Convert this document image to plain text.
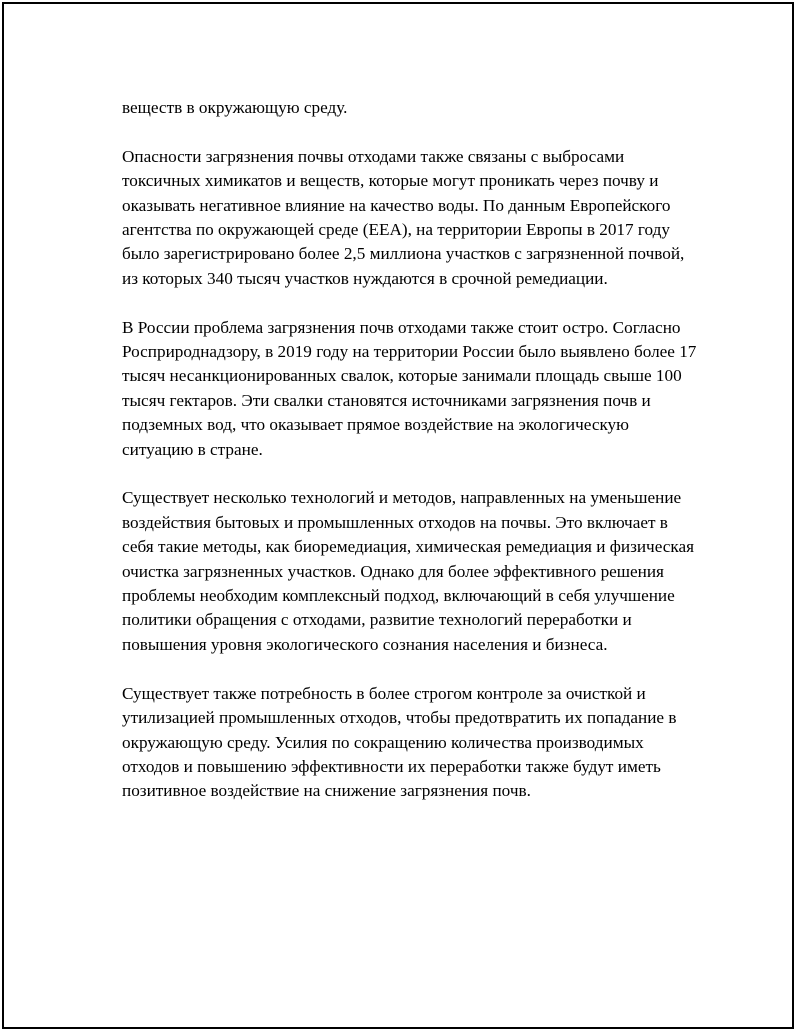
веществ в окружающую среду.

Опасности загрязнения почвы отходами также связаны с выбросами токсичных химикатов и веществ, которые могут проникать через почву и оказывать негативное влияние на качество воды. По данным Европейского агентства по окружающей среде (EEA), на территории Европы в 2017 году было зарегистрировано более 2,5 миллиона участков с загрязненной почвой, из которых 340 тысяч участков нуждаются в срочной ремедиации.

В России проблема загрязнения почв отходами также стоит остро. Согласно Росприроднадзору, в 2019 году на территории России было выявлено более 17 тысяч несанкционированных свалок, которые занимали площадь свыше 100 тысяч гектаров. Эти свалки становятся источниками загрязнения почв и подземных вод, что оказывает прямое воздействие на экологическую ситуацию в стране.

Существует несколько технологий и методов, направленных на уменьшение воздействия бытовых и промышленных отходов на почвы. Это включает в себя такие методы, как биоремедиация, химическая ремедиация и физическая очистка загрязненных участков. Однако для более эффективного решения проблемы необходим комплексный подход, включающий в себя улучшение политики обращения с отходами, развитие технологий переработки и повышения уровня экологического сознания населения и бизнеса.

Существует также потребность в более строгом контроле за очисткой и утилизацией промышленных отходов, чтобы предотвратить их попадание в окружающую среду. Усилия по сокращению количества производимых отходов и повышению эффективности их переработки также будут иметь позитивное воздействие на снижение загрязнения почв.
